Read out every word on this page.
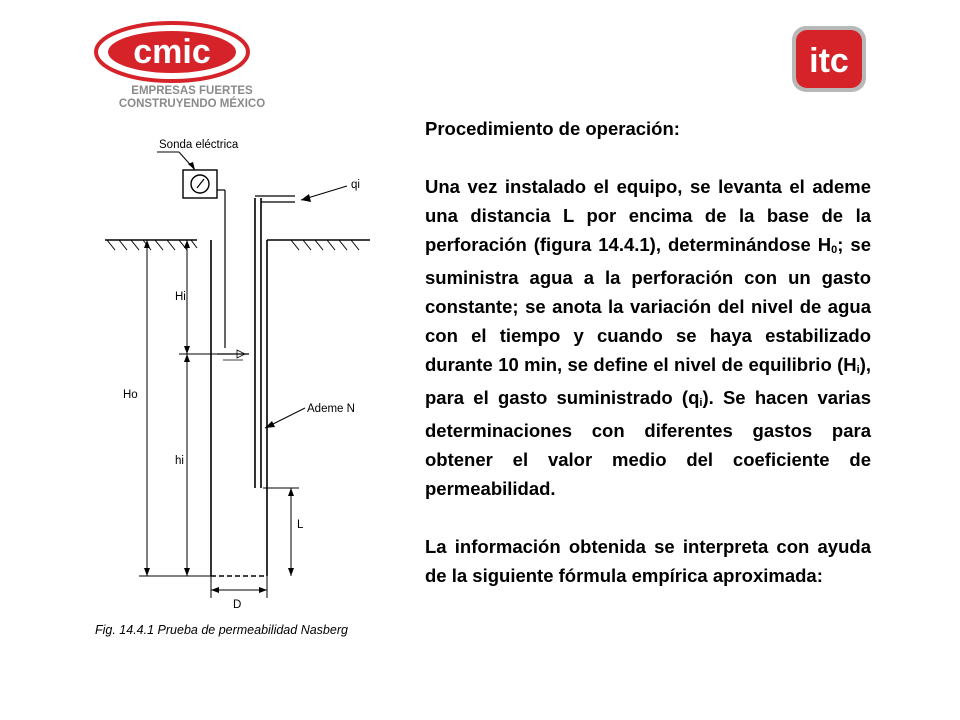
cmic
EMPRESAS FUERTES
CONSTRUYENDO MÉXICO
itc
Sonda eléctrica
qi
Hi
Ho
hi
Ademe N
L
D
Fig. 14.4.1 Prueba de permeabilidad Nasberg

Procedimiento de operación:

Una vez instalado el equipo, se levanta el ademe una distancia L por encima de la base de la perforación (figura 14.4.1), determinándose H0; se suministra agua a la perforación con un gasto constante; se anota la variación del nivel de agua con el tiempo y cuando se haya estabilizado durante 10 min, se define el nivel de equilibrio (Hi), para el gasto suministrado (qi). Se hacen varias determinaciones con diferentes gastos para obtener el valor medio del coeficiente de permeabilidad.

La información obtenida se interpreta con ayuda de la siguiente fórmula empírica aproximada:
